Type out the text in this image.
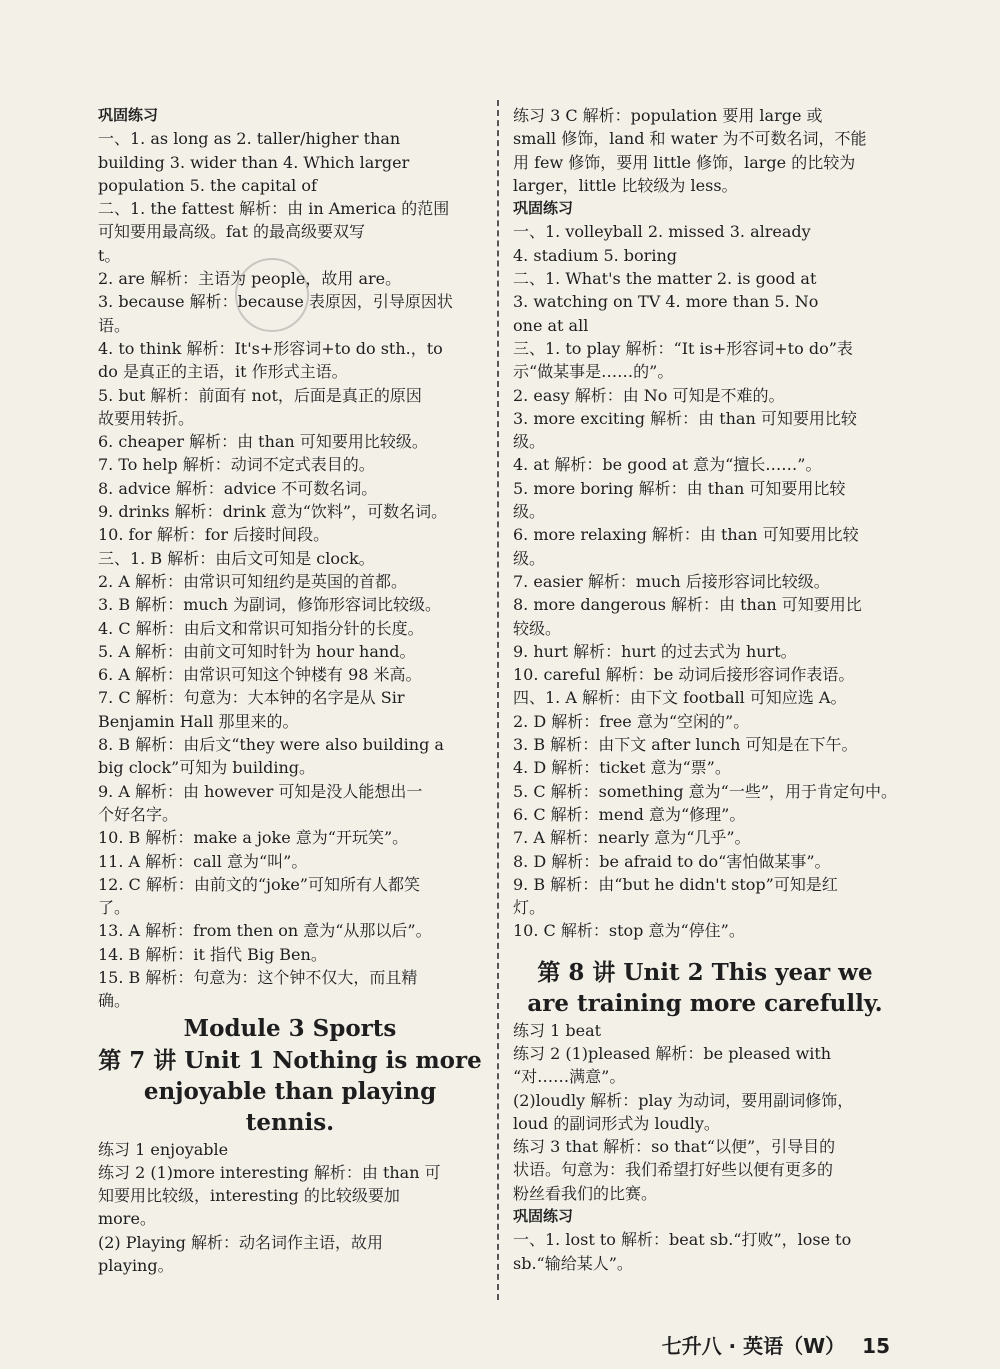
巩固练习
一、1. as long as 2. taller/higher than
building 3. wider than 4. Which larger
population 5. the capital of
二、1. the fattest 解析：由 in America 的范围
可知要用最高级。fat 的最高级要双写
t。
2. are 解析：主语为 people，故用 are。
3. because 解析：because 表原因，引导原因状
语。
4. to think 解析：It's+形容词+to do sth.，to
do 是真正的主语，it 作形式主语。
5. but 解析：前面有 not，后面是真正的原因
故要用转折。
6. cheaper 解析：由 than 可知要用比较级。
7. To help 解析：动词不定式表目的。
8. advice 解析：advice 不可数名词。
9. drinks 解析：drink 意为“饮料”，可数名词。
10. for 解析：for 后接时间段。
三、1. B 解析：由后文可知是 clock。
2. A 解析：由常识可知纽约是英国的首都。
3. B 解析：much 为副词，修饰形容词比较级。
4. C 解析：由后文和常识可知指分针的长度。
5. A 解析：由前文可知时针为 hour hand。
6. A 解析：由常识可知这个钟楼有 98 米高。
7. C 解析：句意为：大本钟的名字是从 Sir
Benjamin Hall 那里来的。
8. B 解析：由后文“they were also building a
big clock”可知为 building。
9. A 解析：由 however 可知是没人能想出一
个好名字。
10. B 解析：make a joke 意为“开玩笑”。
11. A 解析：call 意为“叫”。
12. C 解析：由前文的“joke”可知所有人都笑
了。
13. A 解析：from then on 意为“从那以后”。
14. B 解析：it 指代 Big Ben。
15. B 解析：句意为：这个钟不仅大，而且精
确。
Module 3 Sports
第 7 讲 Unit 1 Nothing is more enjoyable than playing tennis.
练习 1 enjoyable
练习 2 (1)more interesting 解析：由 than 可
知要用比较级，interesting 的比较级要加
more。
(2) Playing 解析：动名词作主语，故用
playing。
练习 3 C 解析：population 要用 large 或
small 修饰，land 和 water 为不可数名词，不能
用 few 修饰，要用 little 修饰，large 的比较为
larger，little 比较级为 less。
巩固练习
一、1. volleyball 2. missed 3. already
4. stadium 5. boring
二、1. What's the matter 2. is good at
3. watching on TV 4. more than 5. No
one at all
三、1. to play 解析：“It is+形容词+to do”表
示“做某事是……的”。
2. easy 解析：由 No 可知是不难的。
3. more exciting 解析：由 than 可知要用比较
级。
4. at 解析：be good at 意为“擅长……”。
5. more boring 解析：由 than 可知要用比较
级。
6. more relaxing 解析：由 than 可知要用比较
级。
7. easier 解析：much 后接形容词比较级。
8. more dangerous 解析：由 than 可知要用比
较级。
9. hurt 解析：hurt 的过去式为 hurt。
10. careful 解析：be 动词后接形容词作表语。
四、1. A 解析：由下文 football 可知应选 A。
2. D 解析：free 意为“空闲的”。
3. B 解析：由下文 after lunch 可知是在下午。
4. D 解析：ticket 意为“票”。
5. C 解析：something 意为“一些”，用于肯定句中。
6. C 解析：mend 意为“修理”。
7. A 解析：nearly 意为“几乎”。
8. D 解析：be afraid to do“害怕做某事”。
9. B 解析：由“but he didn't stop”可知是红
灯。
10. C 解析：stop 意为“停住”。
第 8 讲 Unit 2 This year we are training more carefully.
练习 1 beat
练习 2 (1)pleased 解析：be pleased with
“对……满意”。
(2)loudly 解析：play 为动词，要用副词修饰，
loud 的副词形式为 loudly。
练习 3 that 解析：so that“以便”，引导目的
状语。句意为：我们希望打好些以便有更多的
粉丝看我们的比赛。
巩固练习
一、1. lost to 解析：beat sb.“打败”，lose to
sb.“输给某人”。
七升八 · 英语（W） 15
